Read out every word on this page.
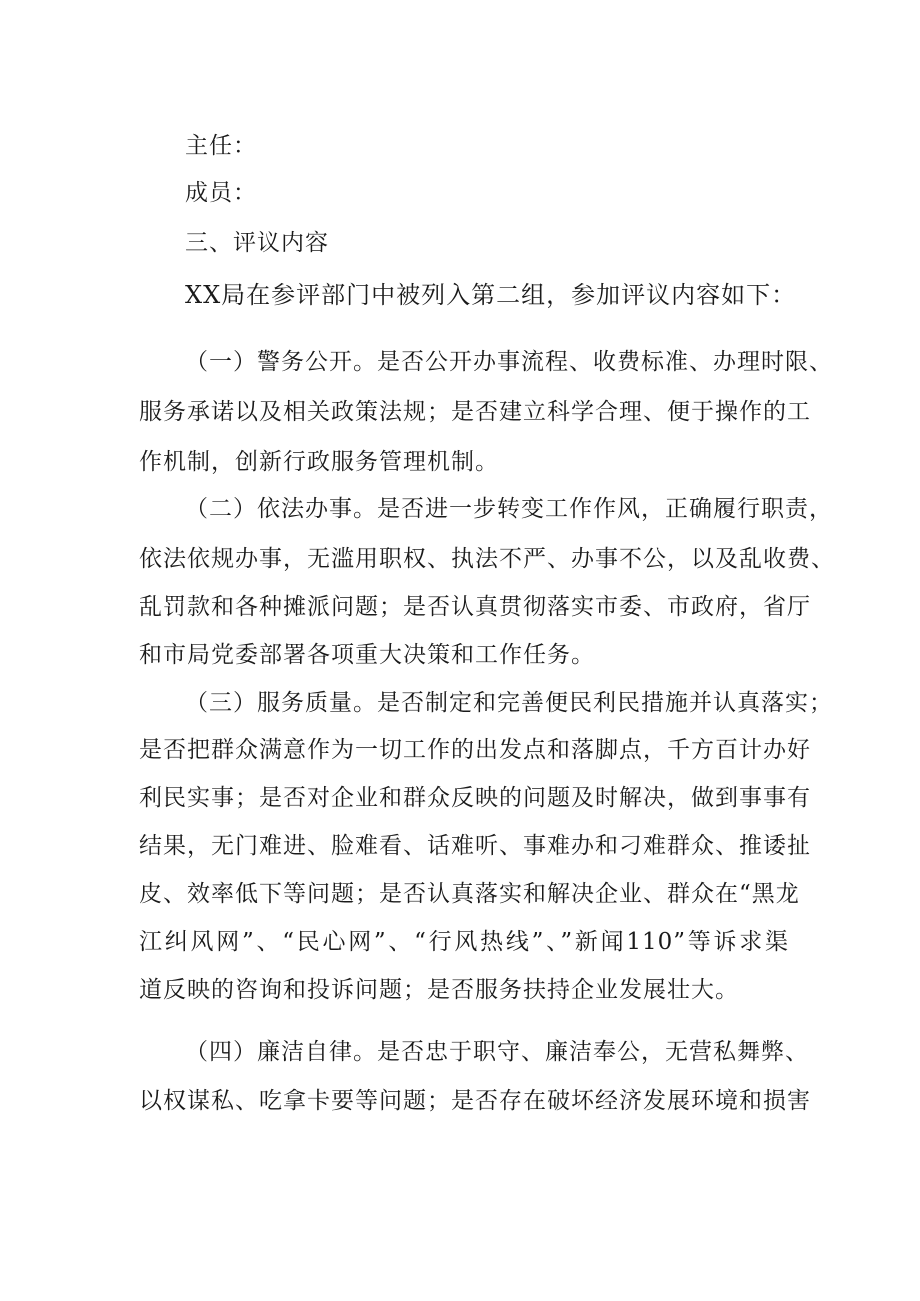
主任：

成员：

三、评议内容

XX局在参评部门中被列入第二组，参加评议内容如下：

（一）警务公开。是否公开办事流程、收费标准、办理时限、

服务承诺以及相关政策法规；是否建立科学合理、便于操作的工

作机制，创新行政服务管理机制。

（二）依法办事。是否进一步转变工作作风，正确履行职责，

依法依规办事，无滥用职权、执法不严、办事不公，以及乱收费、

乱罚款和各种摊派问题；是否认真贯彻落实市委、市政府，省厅

和市局党委部署各项重大决策和工作任务。

（三）服务质量。是否制定和完善便民利民措施并认真落实；

是否把群众满意作为一切工作的出发点和落脚点，千方百计办好

利民实事；是否对企业和群众反映的问题及时解决，做到事事有

结果，无门难进、脸难看、话难听、事难办和刁难群众、推诿扯

皮、效率低下等问题；是否认真落实和解决企业、群众在“黑龙

江纠风网”、“民心网”、“行风热线”、”新闻110”等诉求渠

道反映的咨询和投诉问题；是否服务扶持企业发展壮大。

（四）廉洁自律。是否忠于职守、廉洁奉公，无营私舞弊、

以权谋私、吃拿卡要等问题；是否存在破坏经济发展环境和损害
